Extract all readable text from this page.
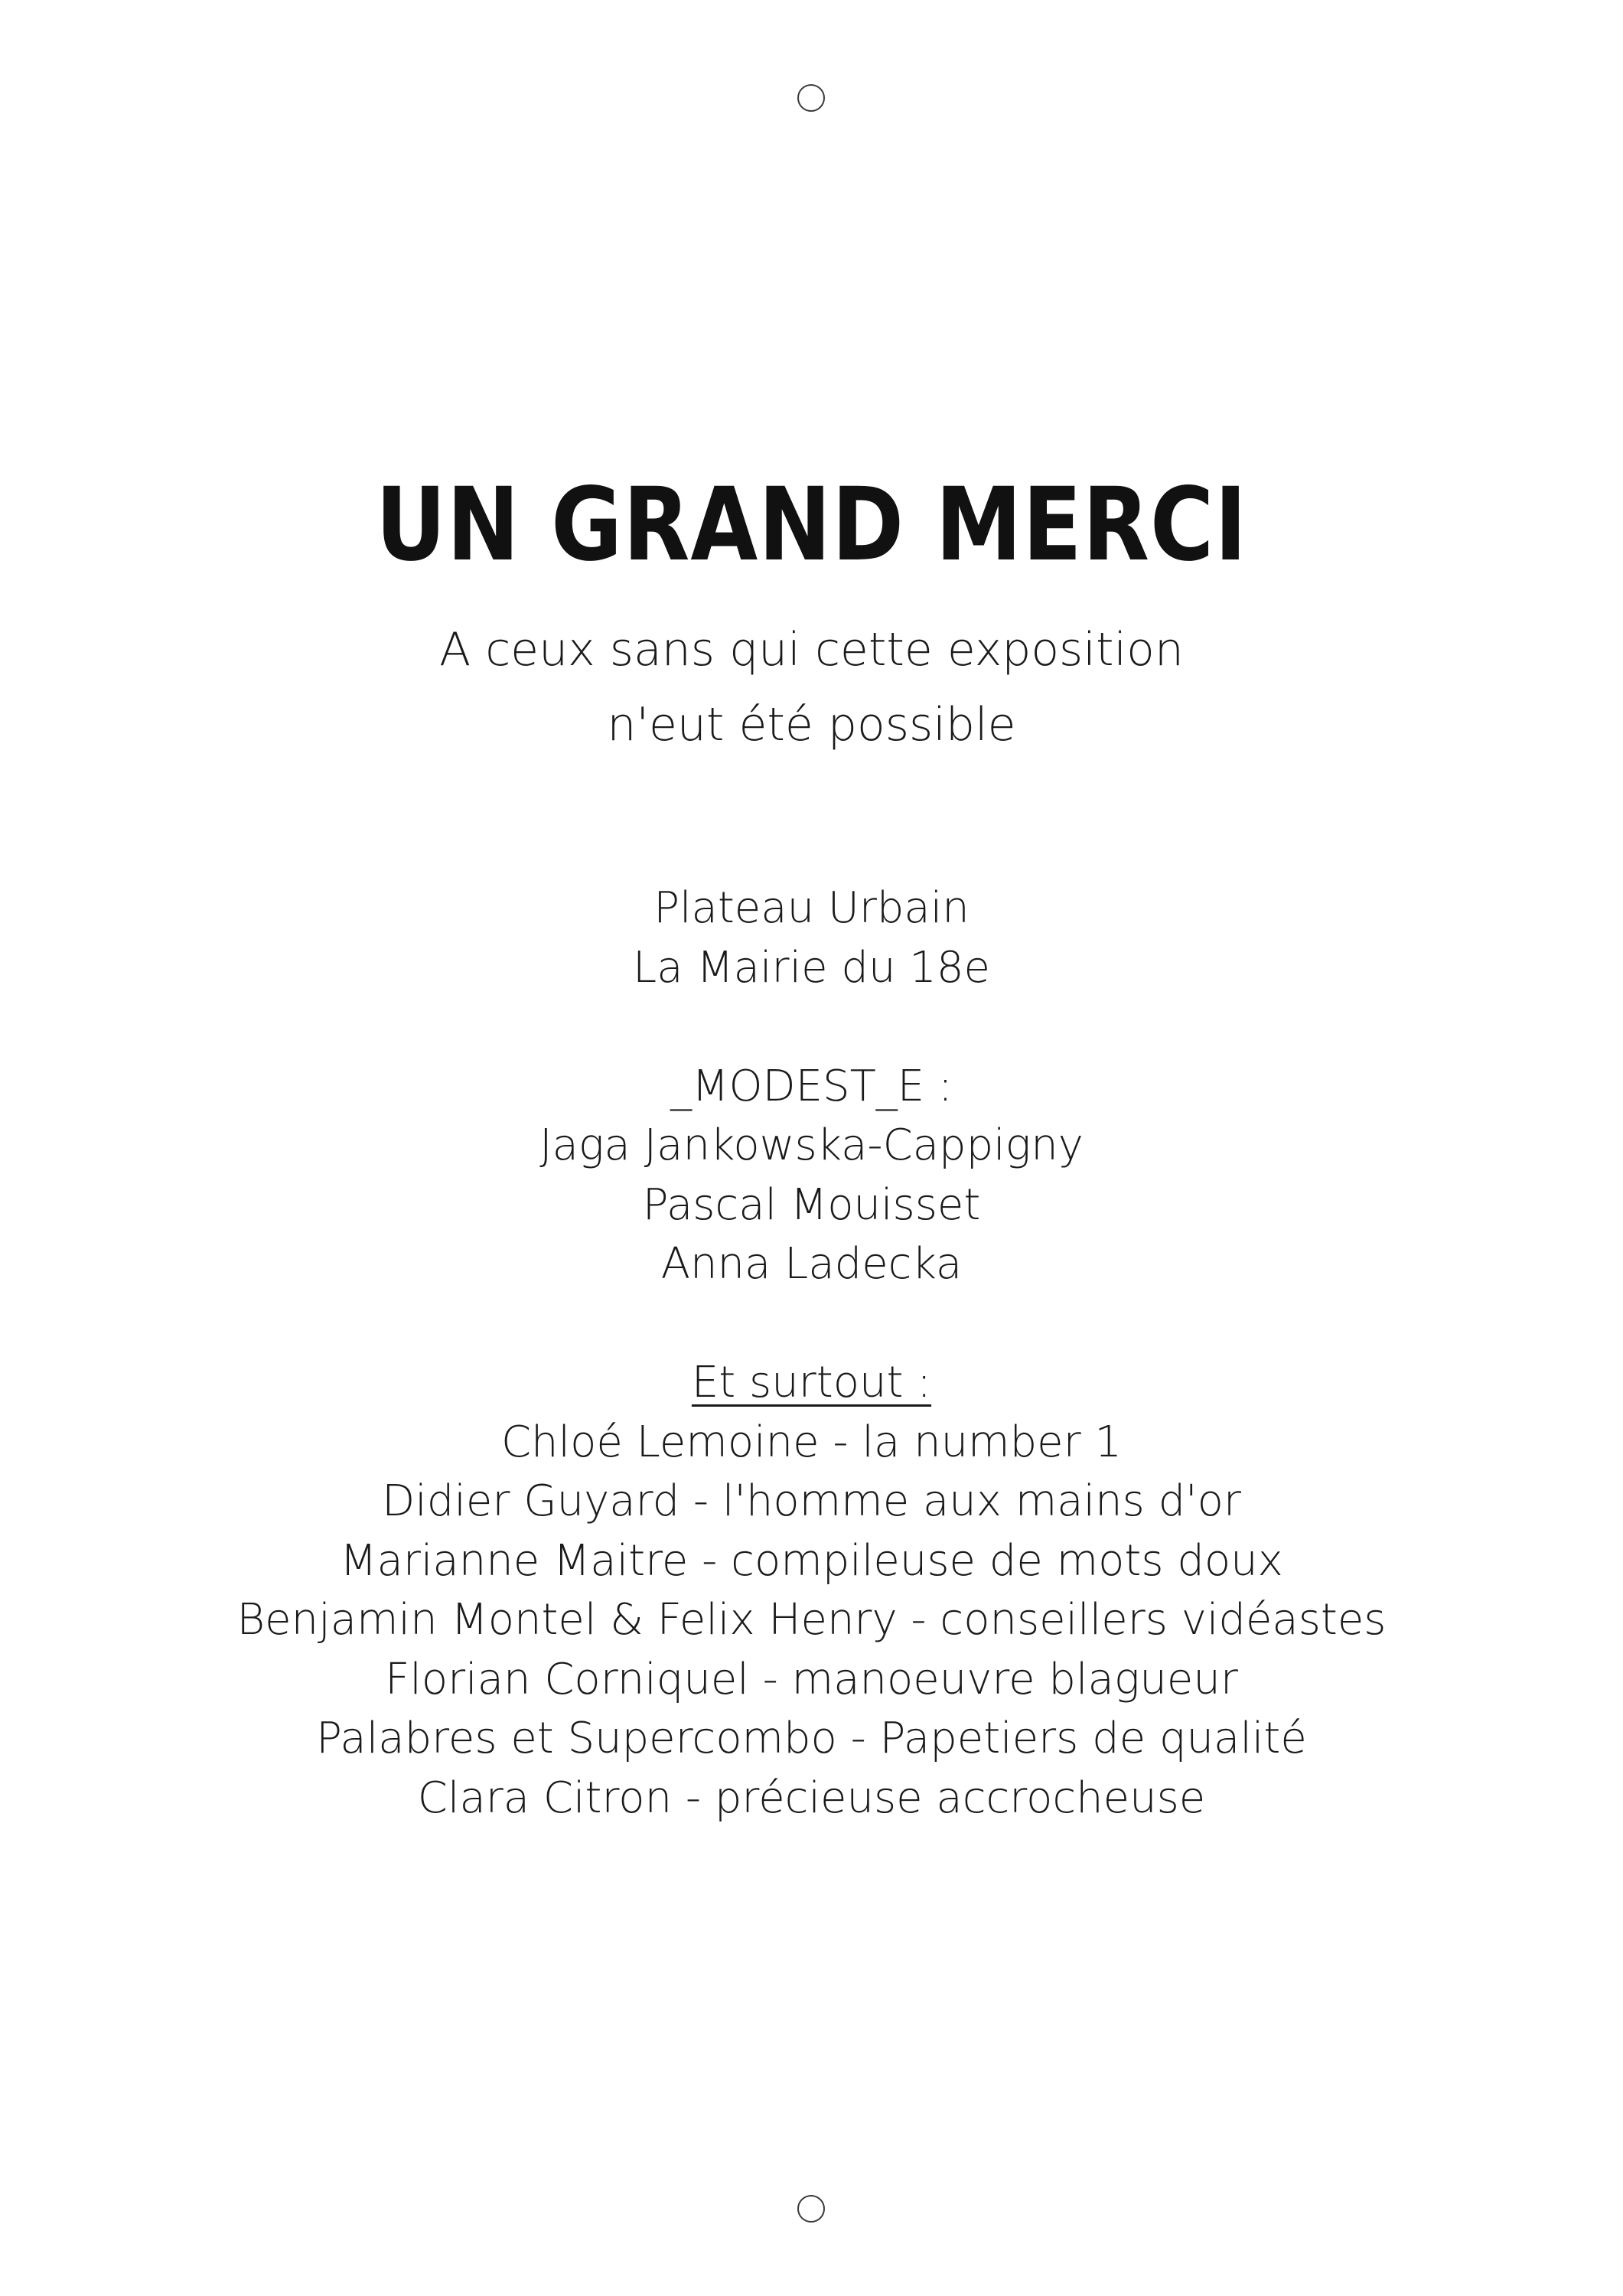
UN GRAND MERCI
A ceux sans qui cette exposition
n'eut été possible
Plateau Urbain
La Mairie du 18e
_MODEST_E :
Jaga Jankowska-Cappigny
Pascal Mouisset
Anna Ladecka
Et surtout :
Chloé Lemoine - la number 1
Didier Guyard - l'homme aux mains d'or
Marianne Maitre - compileuse de mots doux
Benjamin Montel & Felix Henry - conseillers vidéastes
Florian Corniquel - manoeuvre blagueur
Palabres et Supercombo - Papetiers de qualité
Clara Citron - précieuse accrocheuse
